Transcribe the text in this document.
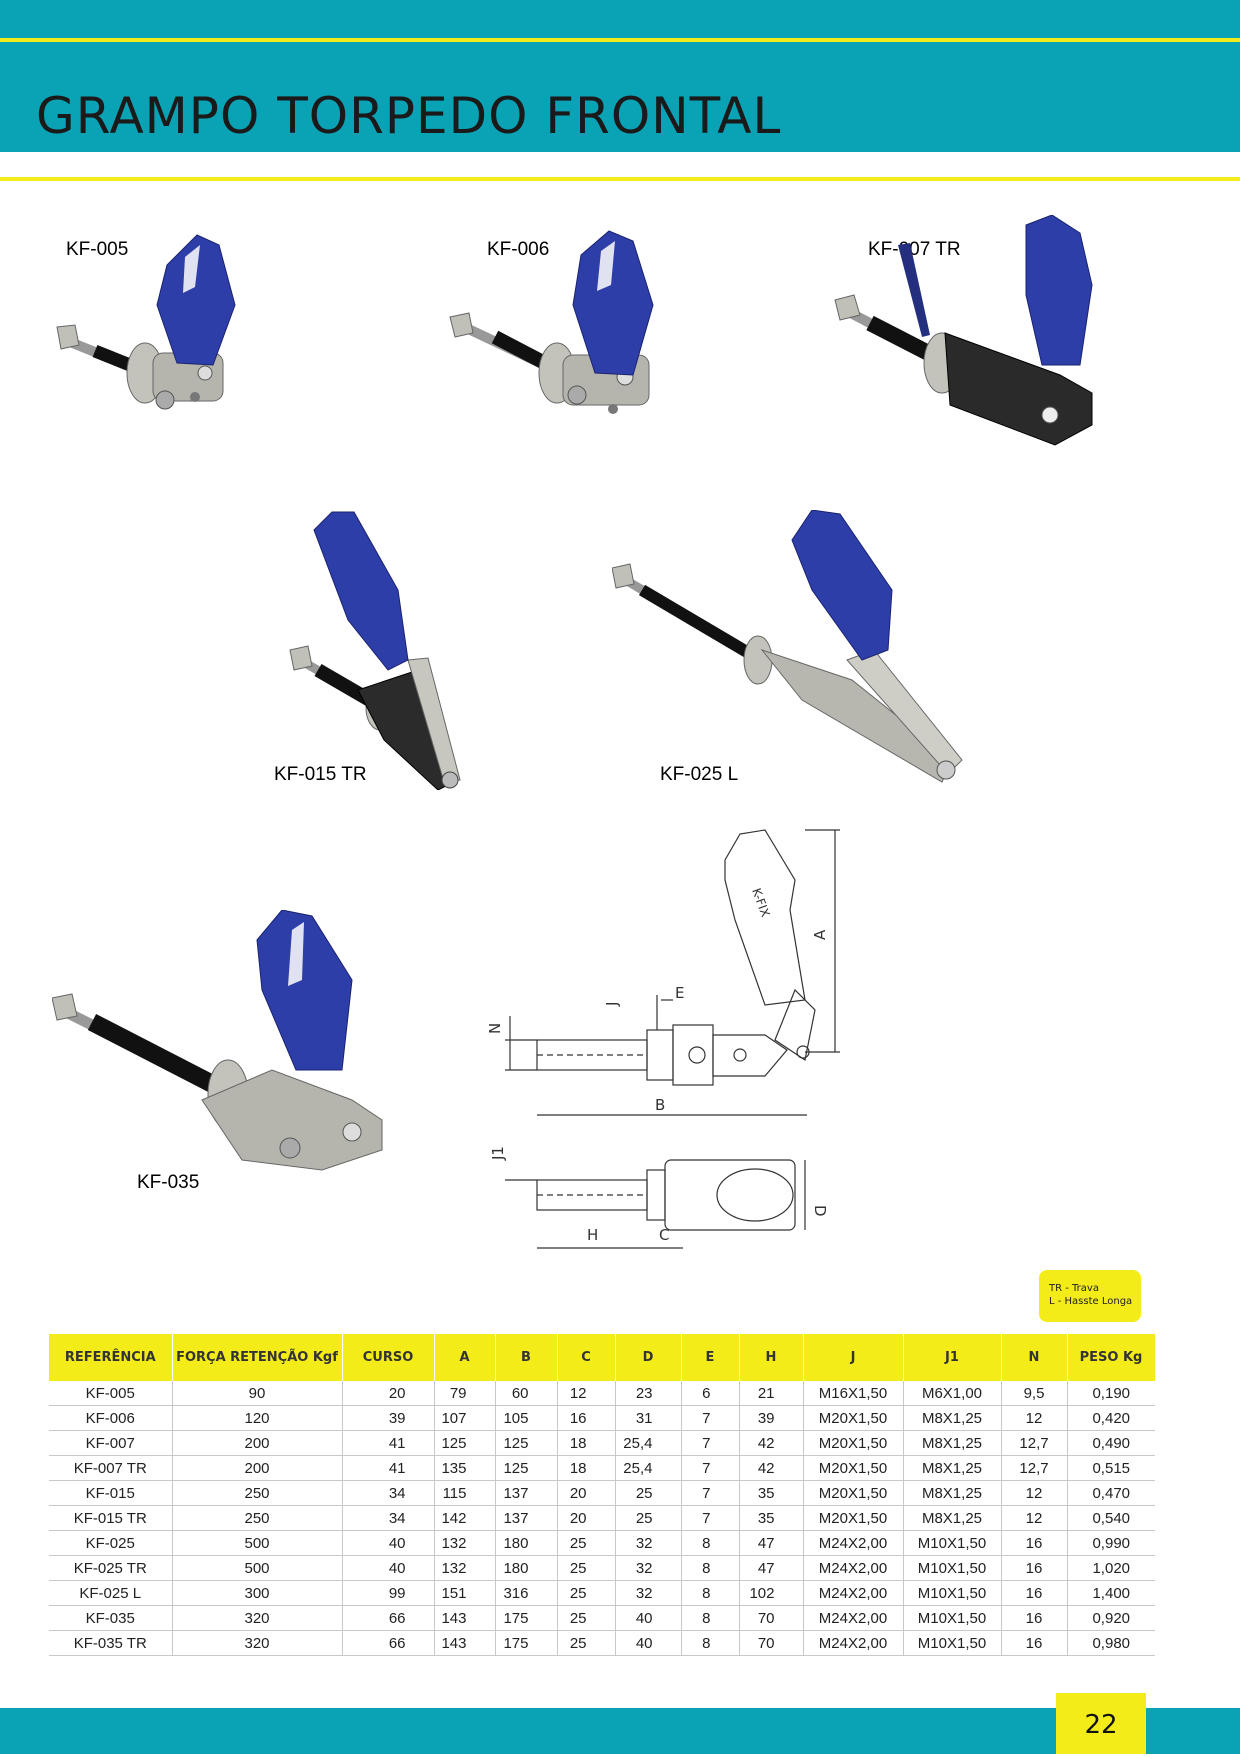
GRAMPO TORPEDO FRONTAL
KF-005	KF-006	KF-007 TR
KF-015 TR	KF-025 L
KF-035
K-FIX
A
B
N
J
E
D
H	C
J1
TR - Trava
L - Hasste Longa
REFERÊNCIA	FORÇA RETENÇÃO Kgf	CURSO	A	B	C	D	E	H	J	J1	N	PESO Kg
KF-005	90	20	79	60	12	23	6	21	M16X1,50	M6X1,00	9,5	0,190
KF-006	120	39	107	105	16	31	7	39	M20X1,50	M8X1,25	12	0,420
KF-007	200	41	125	125	18	25,4	7	42	M20X1,50	M8X1,25	12,7	0,490
KF-007 TR	200	41	135	125	18	25,4	7	42	M20X1,50	M8X1,25	12,7	0,515
KF-015	250	34	115	137	20	25	7	35	M20X1,50	M8X1,25	12	0,470
KF-015 TR	250	34	142	137	20	25	7	35	M20X1,50	M8X1,25	12	0,540
KF-025	500	40	132	180	25	32	8	47	M24X2,00	M10X1,50	16	0,990
KF-025 TR	500	40	132	180	25	32	8	47	M24X2,00	M10X1,50	16	1,020
KF-025 L	300	99	151	316	25	32	8	102	M24X2,00	M10X1,50	16	1,400
KF-035	320	66	143	175	25	40	8	70	M24X2,00	M10X1,50	16	0,920
KF-035 TR	320	66	143	175	25	40	8	70	M24X2,00	M10X1,50	16	0,980
22
